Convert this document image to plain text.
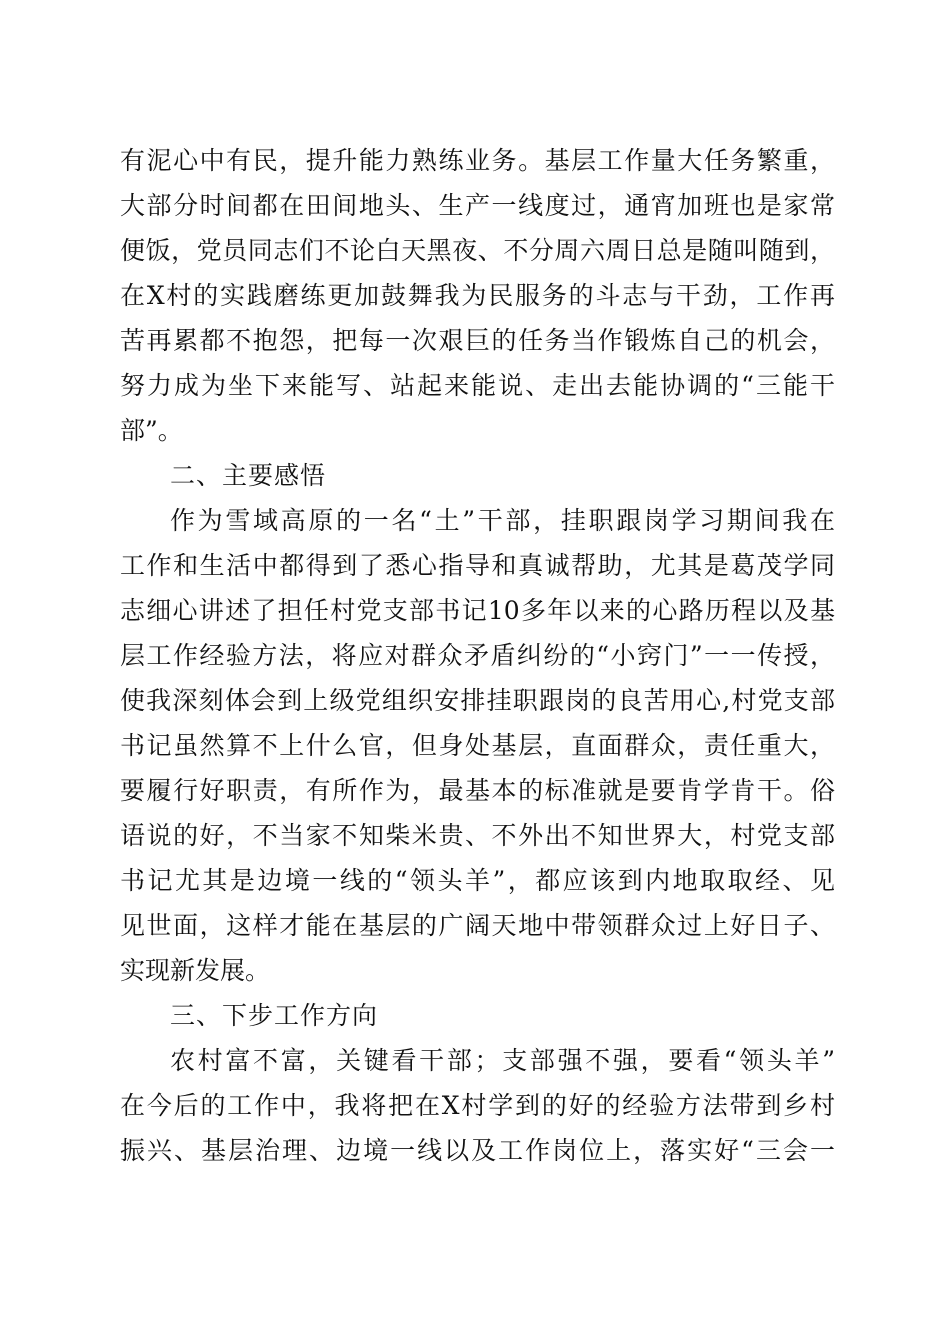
有泥心中有民，提升能力熟练业务。基层工作量大任务繁重，
大部分时间都在田间地头、生产一线度过，通宵加班也是家常
便饭，党员同志们不论白天黑夜、不分周六周日总是随叫随到，
在X村的实践磨练更加鼓舞我为民服务的斗志与干劲，工作再
苦再累都不抱怨，把每一次艰巨的任务当作锻炼自己的机会，
努力成为坐下来能写、站起来能说、走出去能协调的“三能干
部”。
二、主要感悟
作为雪域高原的一名“土”干部，挂职跟岗学习期间我在
工作和生活中都得到了悉心指导和真诚帮助，尤其是葛茂学同
志细心讲述了担任村党支部书记10多年以来的心路历程以及基
层工作经验方法，将应对群众矛盾纠纷的“小窍门”一一传授，
使我深刻体会到上级党组织安排挂职跟岗的良苦用心,村党支部
书记虽然算不上什么官，但身处基层，直面群众，责任重大，
要履行好职责，有所作为，最基本的标准就是要肯学肯干。俗
语说的好，不当家不知柴米贵、不外出不知世界大，村党支部
书记尤其是边境一线的“领头羊”，都应该到内地取取经、见
见世面，这样才能在基层的广阔天地中带领群众过上好日子、
实现新发展。
三、下步工作方向
农村富不富，关键看干部；支部强不强，要看“领头羊”
在今后的工作中，我将把在X村学到的好的经验方法带到乡村
振兴、基层治理、边境一线以及工作岗位上，落实好“三会一
